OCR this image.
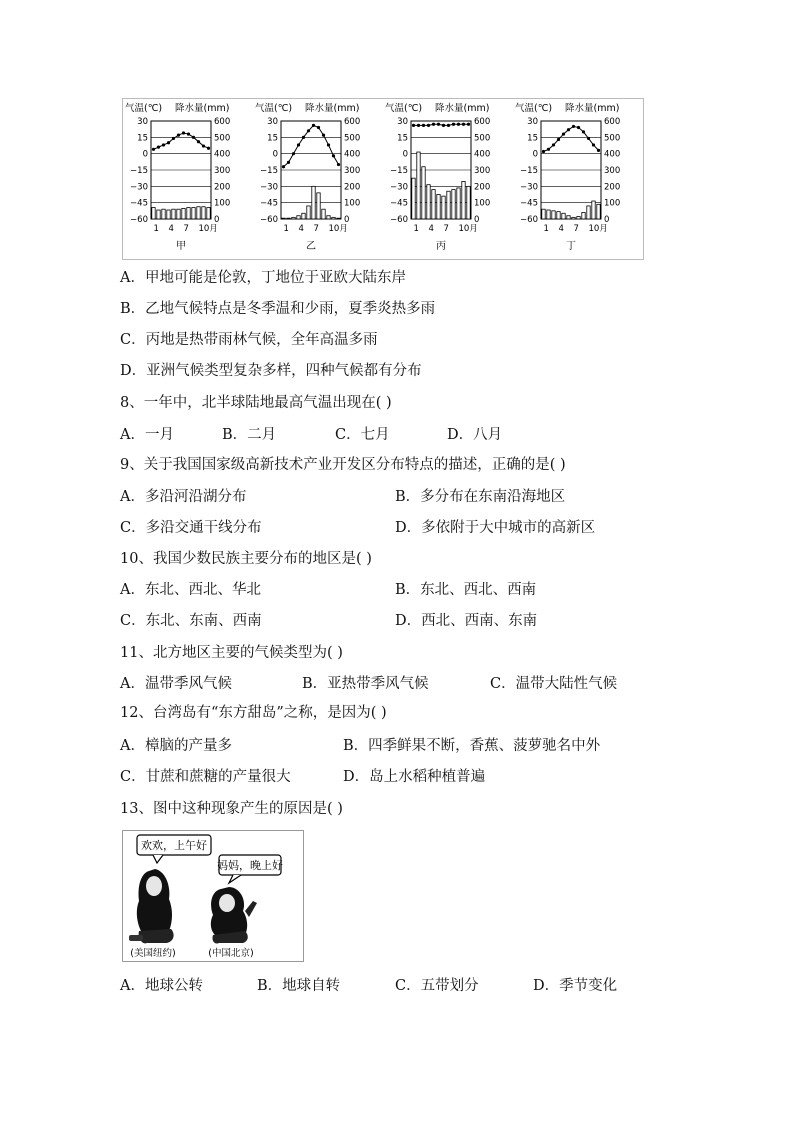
气温(℃) 降水量(mm)
30	600
15	500
0	400
−15	300
−30	200
−45	100
−60	0
1 4 7 10月
甲
气温(℃) 降水量(mm)
30	600
15	500
0	400
−15	300
−30	200
−45	100
−60	0
1 4 7 10月
乙
气温(℃) 降水量(mm)
30	600
15	500
0	400
−15	300
−30	200
−45	100
−60	0
1 4 7 10月
丙
气温(℃) 降水量(mm)
30	600
15	500
0	400
−15	300
−30	200
−45	100
−60	0
1 4 7 10月
丁
A．甲地可能是伦敦，丁地位于亚欧大陆东岸
B．乙地气候特点是冬季温和少雨，夏季炎热多雨
C．丙地是热带雨林气候，全年高温多雨
D．亚洲气候类型复杂多样，四种气候都有分布
8、一年中，北半球陆地最高气温出现在( )
A．一月	B．二月	C．七月	D．八月
9、关于我国国家级高新技术产业开发区分布特点的描述，正确的是( )
A．多沿河沿湖分布	B．多分布在东南沿海地区
C．多沿交通干线分布	D．多依附于大中城市的高新区
10、我国少数民族主要分布的地区是( )
A．东北、西北、华北	B．东北、西北、西南
C．东北、东南、西南	D．西北、西南、东南
11、北方地区主要的气候类型为( )
A．温带季风气候	B．亚热带季风气候	C．温带大陆性气候
12、台湾岛有“东方甜岛”之称，是因为( )
A．樟脑的产量多	B．四季鲜果不断，香蕉、菠萝驰名中外
C．甘蔗和蔗糖的产量很大	D．岛上水稻种植普遍
13、图中这种现象产生的原因是( )
欢欢，上午好
(美国纽约)
妈妈，晚上好
(中国北京)
A．地球公转	B．地球自转	C．五带划分	D．季节变化
